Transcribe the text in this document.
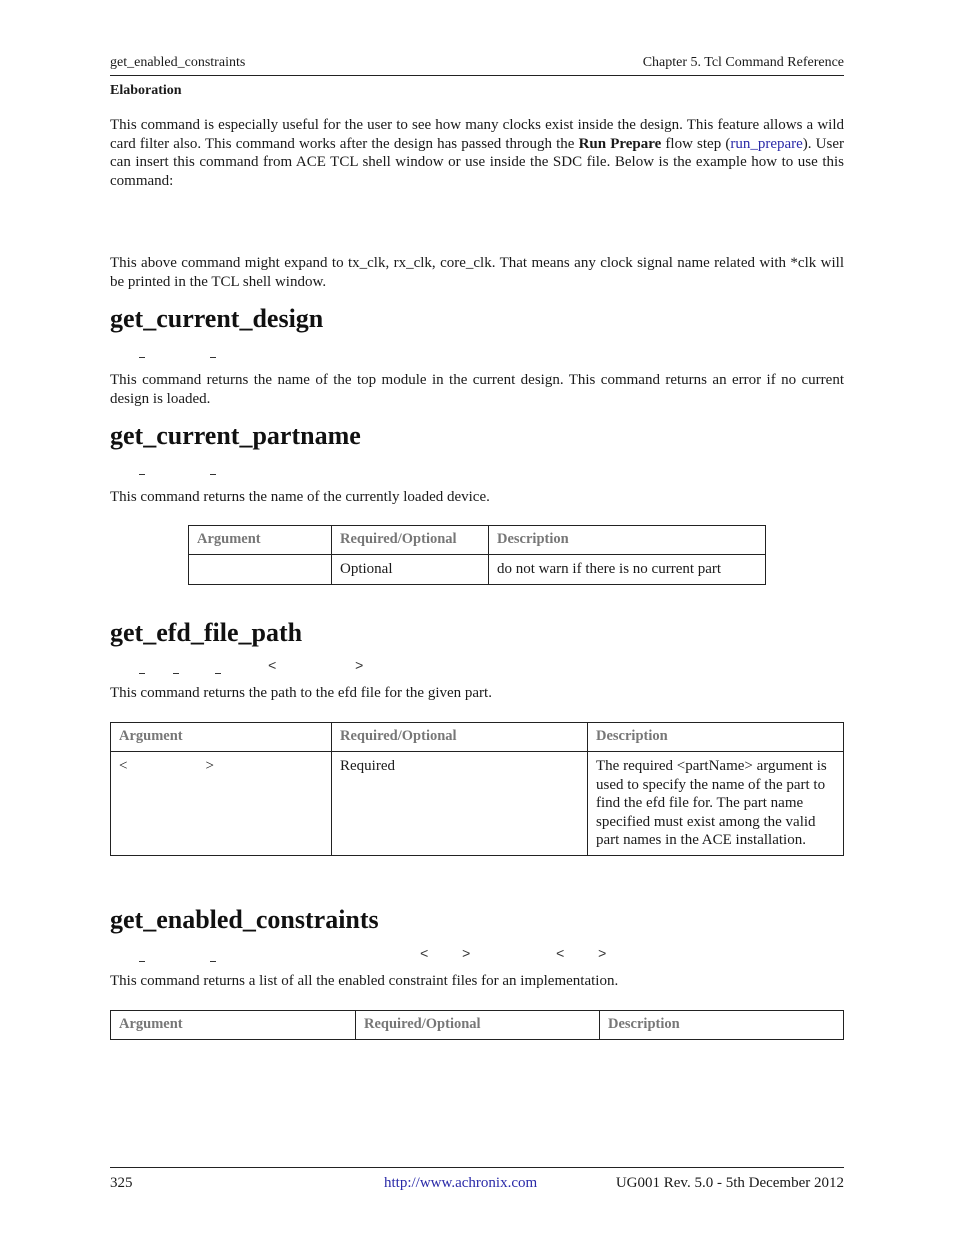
get_enabled_constraints	Chapter 5. Tcl Command Reference
Elaboration
This command is especially useful for the user to see how many clocks exist inside the design. This feature allows a wild card filter also. This command works after the design has passed through the Run Prepare flow step (run_prepare). User can insert this command from ACE TCL shell window or use inside the SDC file. Below is the example how to use this command:
This above command might expand to tx_clk, rx_clk, core_clk. That means any clock signal name related with *clk will be printed in the TCL shell window.
get_current_design
This command returns the name of the top module in the current design. This command returns an error if no current design is loaded.
get_current_partname
This command returns the name of the currently loaded device.
Argument	Required/Optional	Description
	Optional	do not warn if there is no current part
get_efd_file_path
<	>
This command returns the path to the efd file for the given part.
Argument	Required/Optional	Description
< >	Required	The required <partName> argument is used to specify the name of the part to find the efd file for. The part name specified must exist among the valid part names in the ACE installation.
get_enabled_constraints
< >	< >
This command returns a list of all the enabled constraint files for an implementation.
Argument	Required/Optional	Description
325	http://www.achronix.com	UG001 Rev. 5.0 - 5th December 2012
